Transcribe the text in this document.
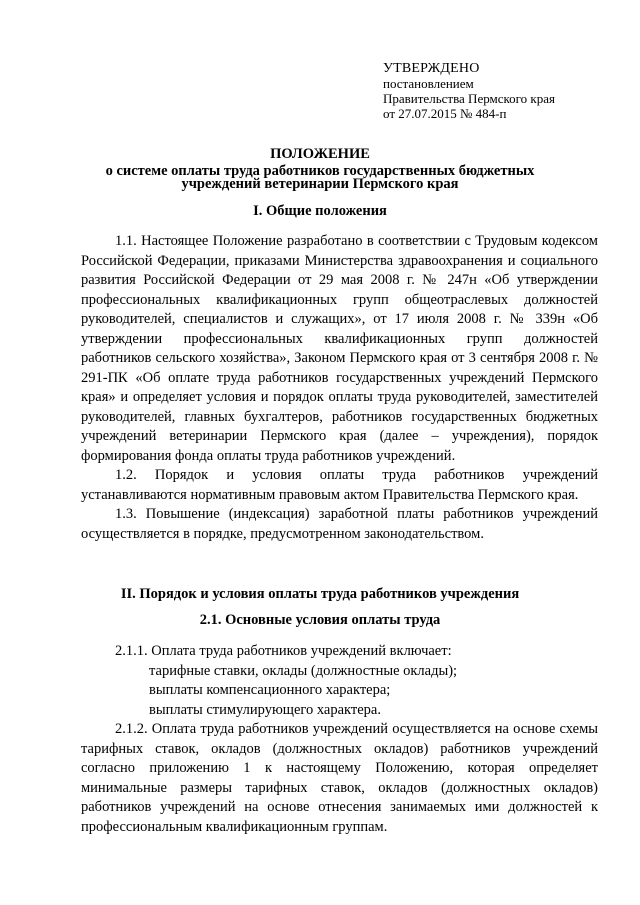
УТВЕРЖДЕНО
постановлением
Правительства Пермского края
от 27.07.2015 № 484-п
ПОЛОЖЕНИЕ
о системе оплаты труда работников государственных бюджетных
учреждений ветеринарии Пермского края
I. Общие положения

1.1. Настоящее Положение разработано в соответствии с Трудовым кодексом Российской Федерации, приказами Министерства здравоохранения и социального развития Российской Федерации от 29 мая 2008 г. № 247н «Об утверждении профессиональных квалификационных групп общеотраслевых должностей руководителей, специалистов и служащих», от 17 июля 2008 г. № 339н «Об утверждении профессиональных квалификационных групп должностей работников сельского хозяйства», Законом Пермского края от 3 сентября 2008 г. № 291-ПК «Об оплате труда работников государственных учреждений Пермского края» и определяет условия и порядок оплаты труда руководителей, заместителей руководителей, главных бухгалтеров, работников государственных бюджетных учреждений ветеринарии Пермского края (далее – учреждения), порядок формирования фонда оплаты труда работников учреждений.

1.2. Порядок и условия оплаты труда работников учреждений устанавливаются нормативным правовым актом Правительства Пермского края.

1.3. Повышение (индексация) заработной платы работников учреждений осуществляется в порядке, предусмотренном законодательством.

II. Порядок и условия оплаты труда работников учреждения
2.1. Основные условия оплаты труда

2.1.1. Оплата труда работников учреждений включает:

тарифные ставки, оклады (должностные оклады);

выплаты компенсационного характера;

выплаты стимулирующего характера.

2.1.2. Оплата труда работников учреждений осуществляется на основе схемы тарифных ставок, окладов (должностных окладов) работников учреждений согласно приложению 1 к настоящему Положению, которая определяет минимальные размеры тарифных ставок, окладов (должностных окладов) работников учреждений на основе отнесения занимаемых ими должностей к профессиональным квалификационным группам.
